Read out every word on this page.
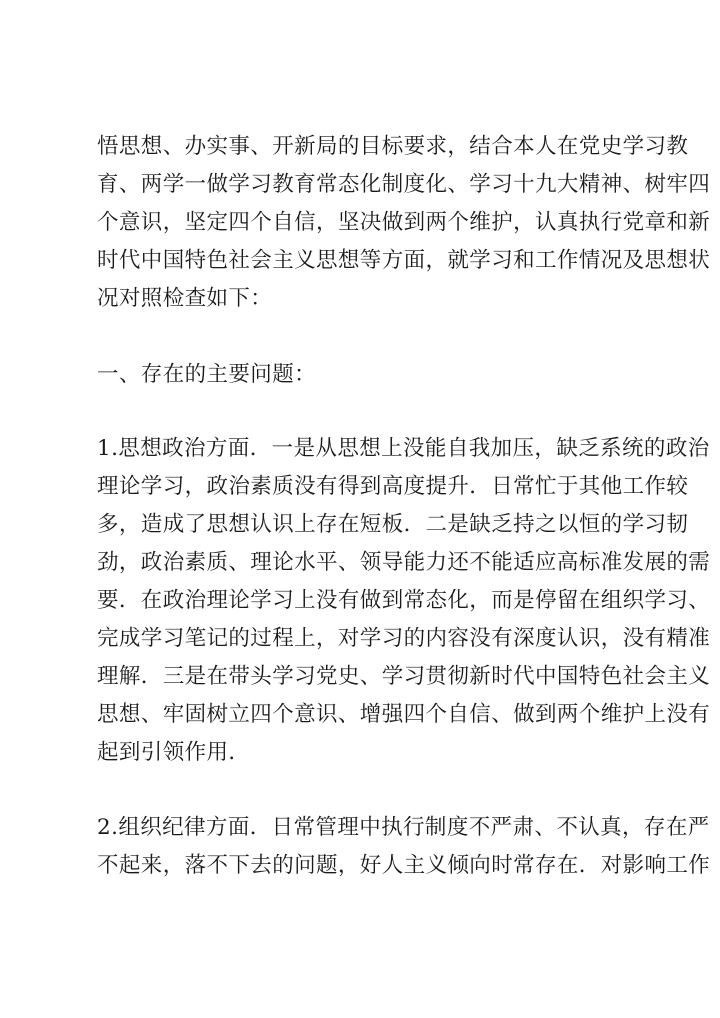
悟思想、办实事、开新局的目标要求，结合本人在党史学习教
育、两学一做学习教育常态化制度化、学习十九大精神、树牢四
个意识，坚定四个自信，坚决做到两个维护，认真执行党章和新
时代中国特色社会主义思想等方面，就学习和工作情况及思想状
况对照检查如下：
一、存在的主要问题：
1.思想政治方面．一是从思想上没能自我加压，缺乏系统的政治
理论学习，政治素质没有得到高度提升．日常忙于其他工作较
多，造成了思想认识上存在短板．二是缺乏持之以恒的学习韧
劲，政治素质、理论水平、领导能力还不能适应高标准发展的需
要．在政治理论学习上没有做到常态化，而是停留在组织学习、
完成学习笔记的过程上，对学习的内容没有深度认识，没有精准
理解．三是在带头学习党史、学习贯彻新时代中国特色社会主义
思想、牢固树立四个意识、增强四个自信、做到两个维护上没有
起到引领作用．
2.组织纪律方面．日常管理中执行制度不严肃、不认真，存在严
不起来，落不下去的问题，好人主义倾向时常存在．对影响工作
